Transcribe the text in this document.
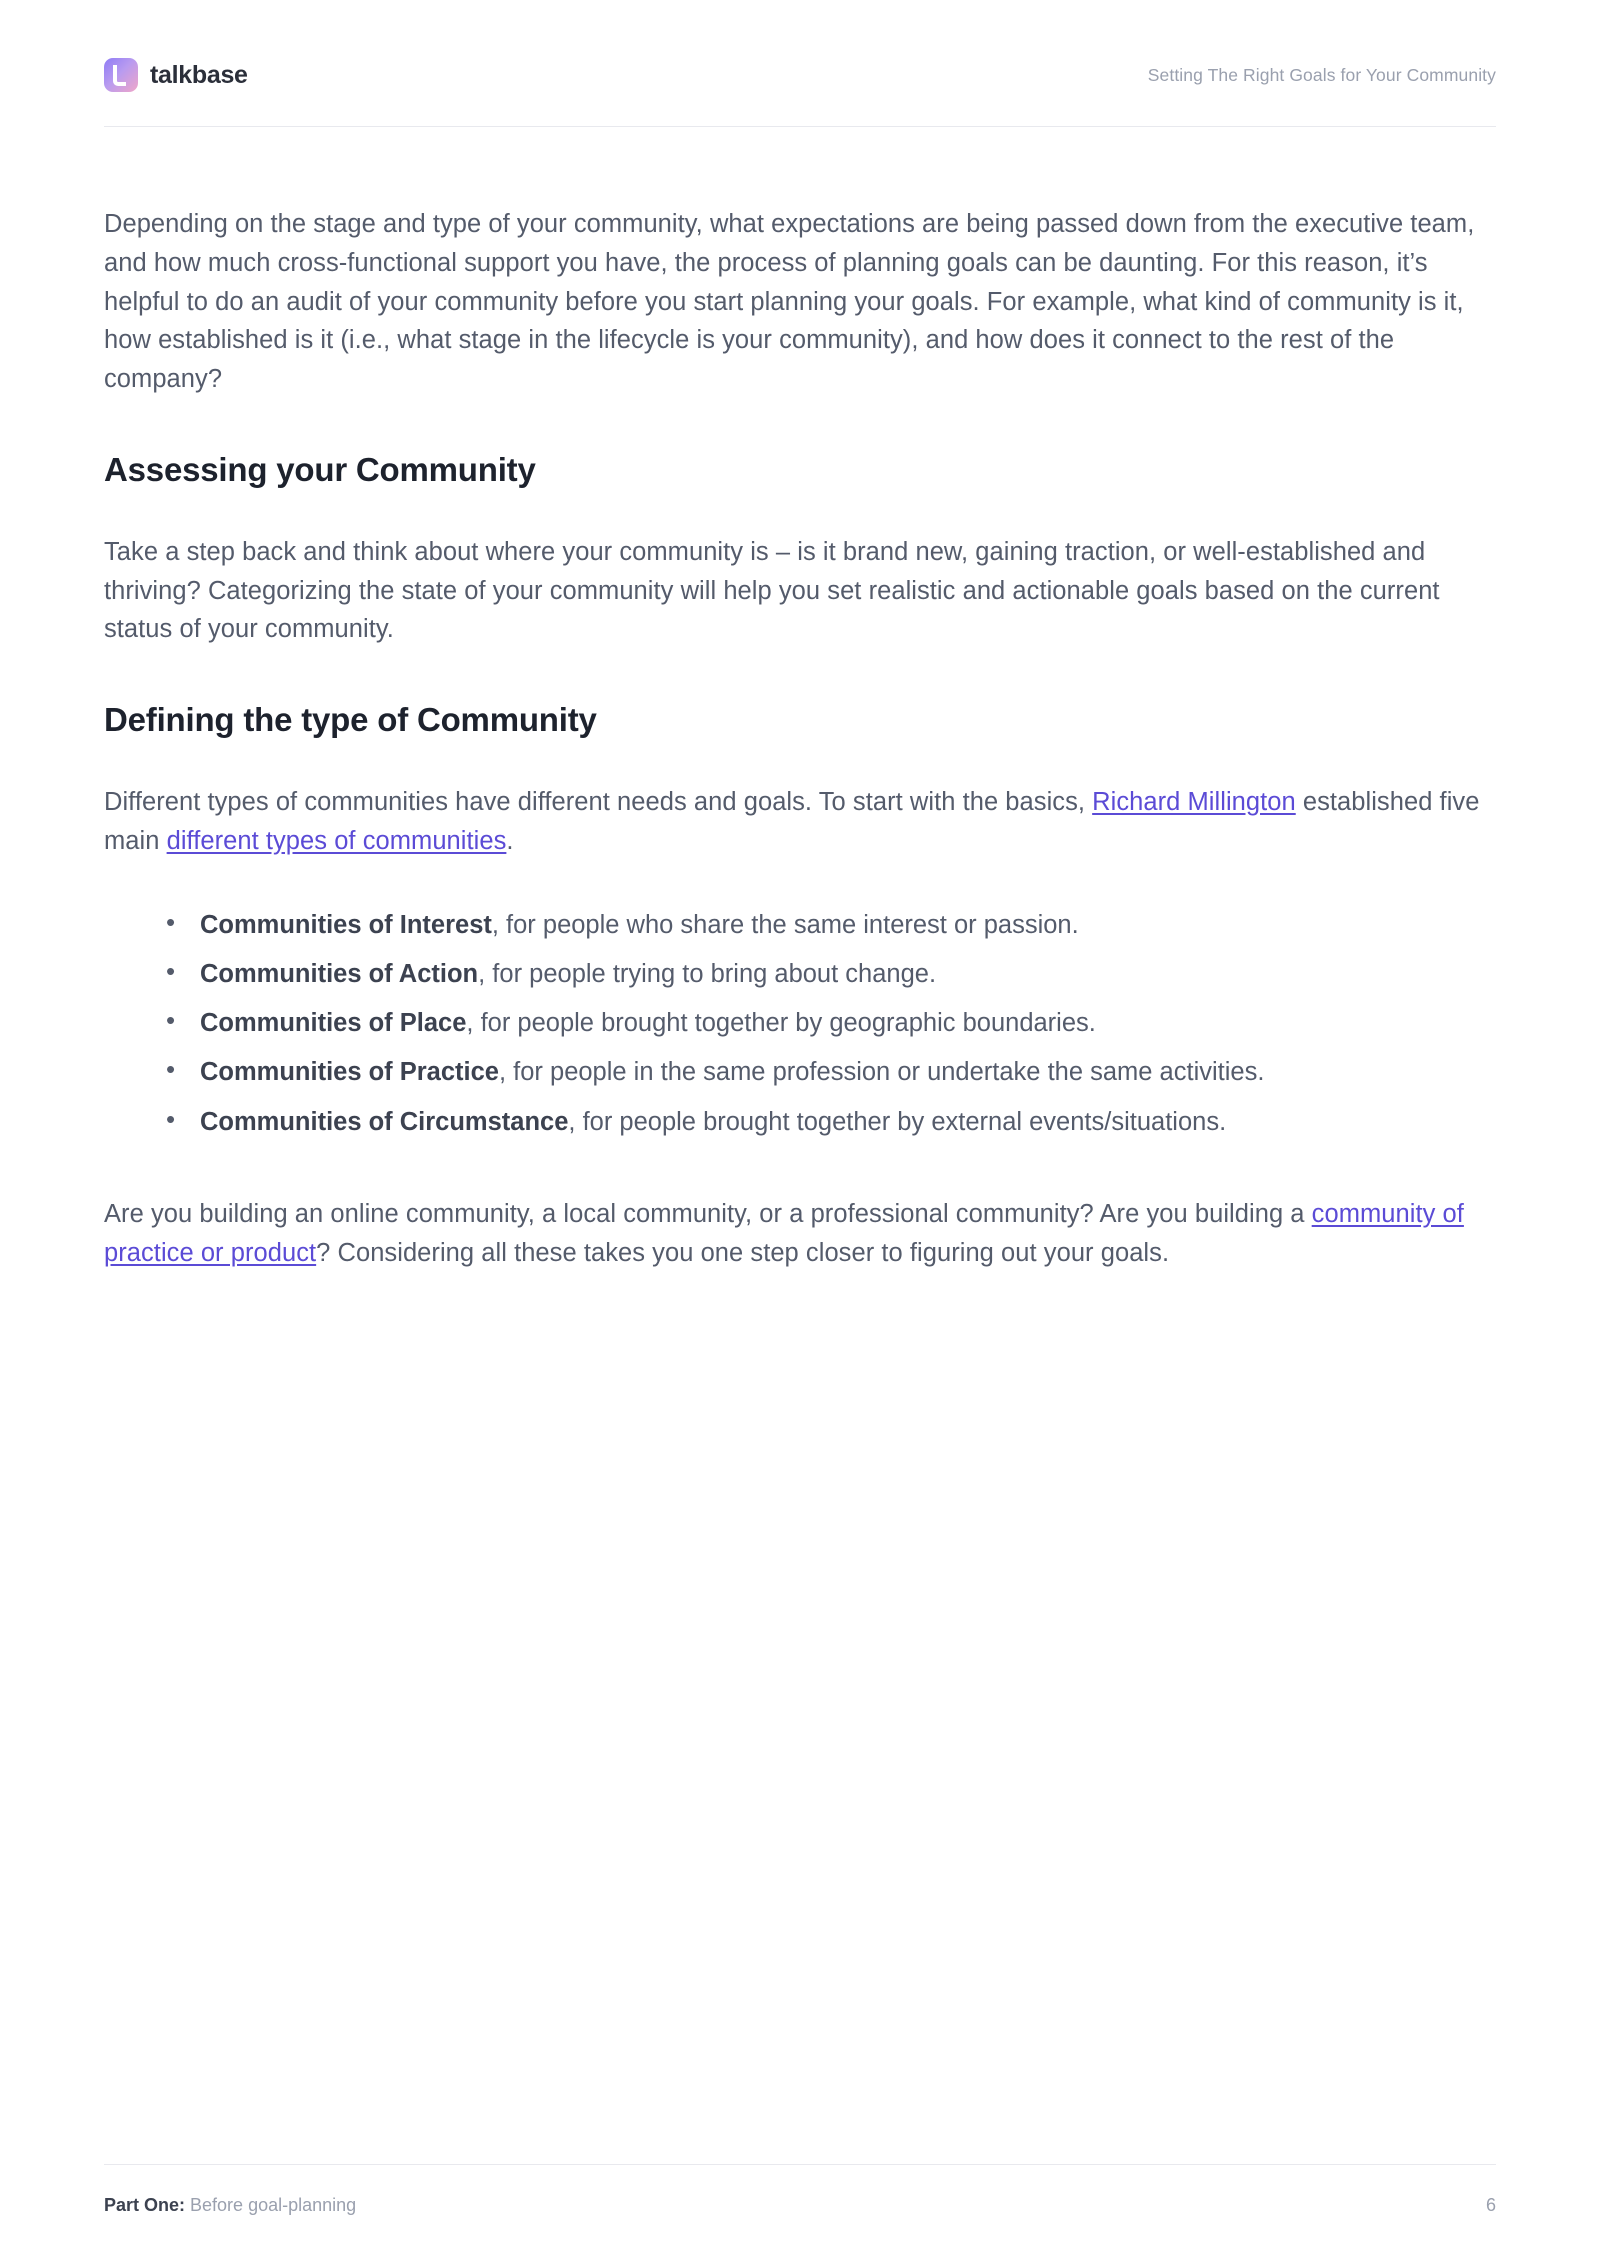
talkbase	Setting The Right Goals for Your Community

Depending on the stage and type of your community, what expectations are being passed down from the executive team, and how much cross-functional support you have, the process of planning goals can be daunting. For this reason, it’s helpful to do an audit of your community before you start planning your goals. For example, what kind of community is it, how established is it (i.e., what stage in the lifecycle is your community), and how does it connect to the rest of the company?

Assessing your Community

Take a step back and think about where your community is – is it brand new, gaining traction, or well-established and thriving? Categorizing the state of your community will help you set realistic and actionable goals based on the current status of your community.

Defining the type of Community

Different types of communities have different needs and goals. To start with the basics, Richard Millington established five main different types of communities.

• Communities of Interest, for people who share the same interest or passion.
• Communities of Action, for people trying to bring about change.
• Communities of Place, for people brought together by geographic boundaries.
• Communities of Practice, for people in the same profession or undertake the same activities.
• Communities of Circumstance, for people brought together by external events/situations.

Are you building an online community, a local community, or a professional community? Are you building a community of practice or product? Considering all these takes you one step closer to figuring out your goals.

Part One: Before goal-planning	6
